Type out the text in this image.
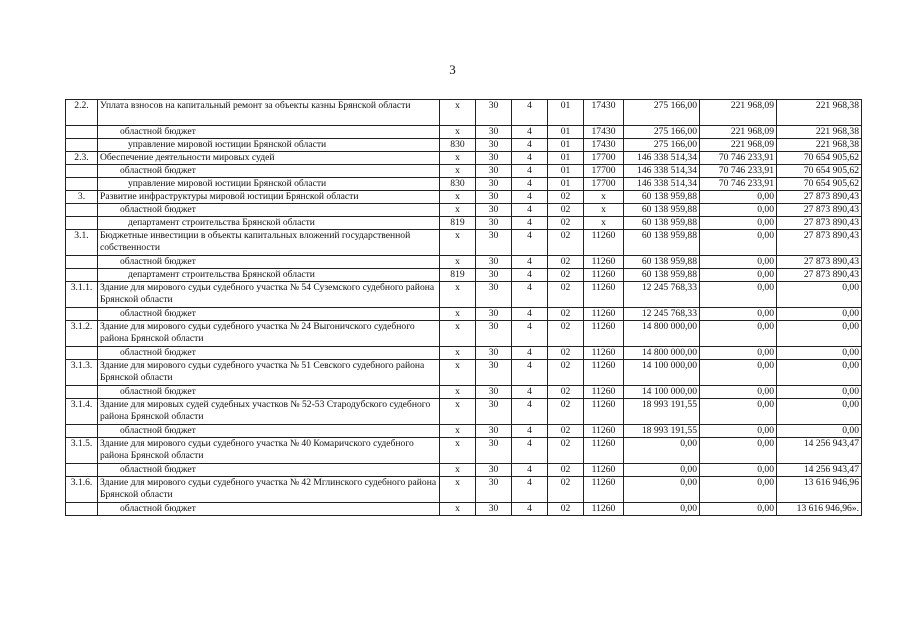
3
2.2.	Уплата взносов на капитальный ремонт за объекты казны Брянской области	x	30	4	01	17430	275 166,00	221 968,09	221 968,38
	областной бюджет	x	30	4	01	17430	275 166,00	221 968,09	221 968,38
	управление мировой юстиции Брянской области	830	30	4	01	17430	275 166,00	221 968,09	221 968,38
2.3.	Обеспечение деятельности мировых судей	x	30	4	01	17700	146 338 514,34	70 746 233,91	70 654 905,62
	областной бюджет	x	30	4	01	17700	146 338 514,34	70 746 233,91	70 654 905,62
	управление мировой юстиции Брянской области	830	30	4	01	17700	146 338 514,34	70 746 233,91	70 654 905,62
3.	Развитие инфраструктуры мировой юстиции Брянской области	x	30	4	02	x	60 138 959,88	0,00	27 873 890,43
	областной бюджет	x	30	4	02	x	60 138 959,88	0,00	27 873 890,43
	департамент строительства Брянской области	819	30	4	02	x	60 138 959,88	0,00	27 873 890,43
3.1.	Бюджетные инвестиции в объекты капитальных вложений государственной собственности	x	30	4	02	11260	60 138 959,88	0,00	27 873 890,43
	областной бюджет	x	30	4	02	11260	60 138 959,88	0,00	27 873 890,43
	департамент строительства Брянской области	819	30	4	02	11260	60 138 959,88	0,00	27 873 890,43
3.1.1.	Здание для мирового судьи судебного участка № 54 Суземского судебного района Брянской области	x	30	4	02	11260	12 245 768,33	0,00	0,00
	областной бюджет	x	30	4	02	11260	12 245 768,33	0,00	0,00
3.1.2.	Здание для мирового судьи судебного участка № 24 Выгоничского судебного района Брянской области	x	30	4	02	11260	14 800 000,00	0,00	0,00
	областной бюджет	x	30	4	02	11260	14 800 000,00	0,00	0,00
3.1.3.	Здание для мирового судьи судебного участка № 51 Севского судебного района Брянской области	x	30	4	02	11260	14 100 000,00	0,00	0,00
	областной бюджет	x	30	4	02	11260	14 100 000,00	0,00	0,00
3.1.4.	Здание для мировых судей судебных участков № 52-53 Стародубского судебного района Брянской области	x	30	4	02	11260	18 993 191,55	0,00	0,00
	областной бюджет	x	30	4	02	11260	18 993 191,55	0,00	0,00
3.1.5.	Здание для мирового судьи судебного участка № 40 Комаричского судебного района Брянской области	x	30	4	02	11260	0,00	0,00	14 256 943,47
	областной бюджет	x	30	4	02	11260	0,00	0,00	14 256 943,47
3.1.6.	Здание для мирового судьи судебного участка № 42 Мглинского судебного района Брянской области	x	30	4	02	11260	0,00	0,00	13 616 946,96
	областной бюджет	x	30	4	02	11260	0,00	0,00	13 616 946,96».
